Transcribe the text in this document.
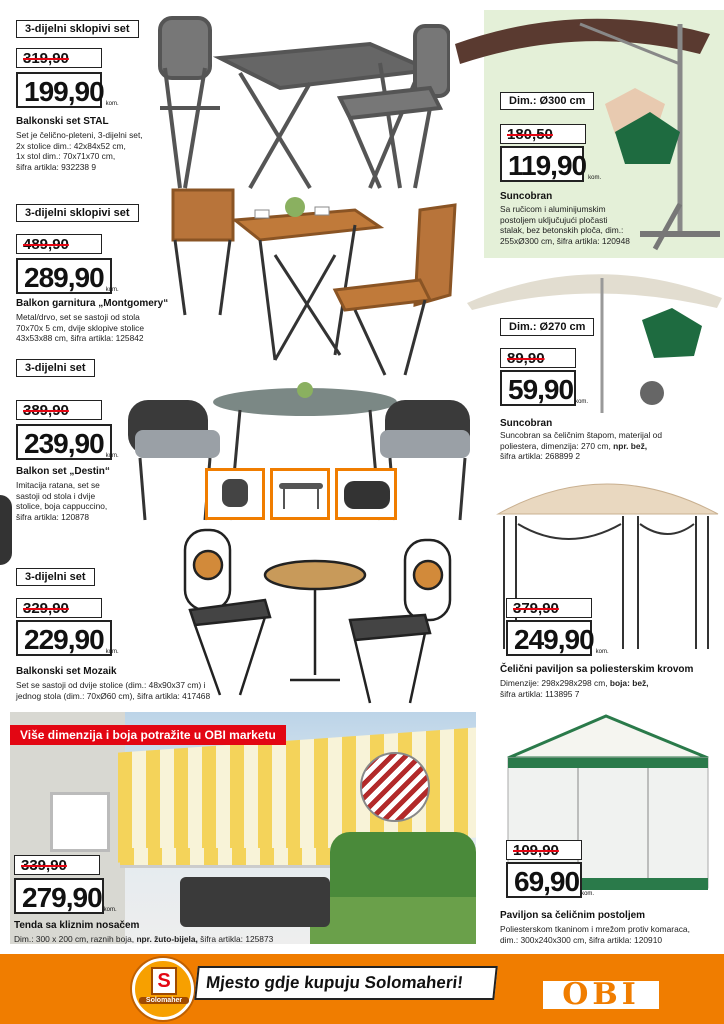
3-dijelni sklopivi set
319,90
199,90 kom.
Balkonski set STAL
Set je čelično-pleteni, 3-dijelni set,
2x stolice dim.: 42x84x52 cm,
1x stol dim.: 70x71x70 cm,
šifra artikla: 932238 9
3-dijelni sklopivi set
489,90
289,90 kom.
Balkon garnitura „Montgomery“
Metal/drvo, set se sastoji od stola
70x70x 5 cm, dvije sklopive stolice
43x53x88 cm, šifra artikla: 125842
3-dijelni set
389,90
239,90 kom.
Balkon set „Destin“
Imitacija ratana, set se
sastoji od stola i dvije
stolice, boja cappuccino,
šifra artikla: 120878
3-dijelni set
329,90
229,90 kom.
Balkonski set Mozaik
Set se sastoji od dvije stolice (dim.: 48x90x37 cm) i
jednog stola (dim.: 70xØ60 cm), šifra artikla: 417468
Više dimenzija i boja potražite u OBI marketu
339,90
279,90 kom.
Tenda sa kliznim nosačem
Dim.: 300 x 200 cm, raznih boja, npr. žuto-bijela, šifra artikla: 125873
Dim.: Ø300 cm
180,50
119,90 kom.
Suncobran
Sa ručicom i aluminijumskim
postoljem uključujući pločasti
stalak, bez betonskih ploča, dim.:
255xØ300 cm, šifra artikla: 120948
Dim.: Ø270 cm
89,90
59,90 kom.
Suncobran
Suncobran sa čeličnim štapom, materijal od
poliestera, dimenzija: 270 cm, npr. bež,
šifra artikla: 268899 2
379,90
249,90 kom.
Čelični paviljon sa poliesterskim krovom
Dimenzije: 298x298x298 cm, boja: bež,
šifra artikla: 113895 7
109,90
69,90 kom.
Paviljon sa čeličnim postoljem
Poliesterskom tkaninom i mrežom protiv komaraca,
dim.: 300x240x300 cm, šifra artikla: 120910
S
Solomaher
Mjesto gdje kupuju Solomaheri!	OBI
